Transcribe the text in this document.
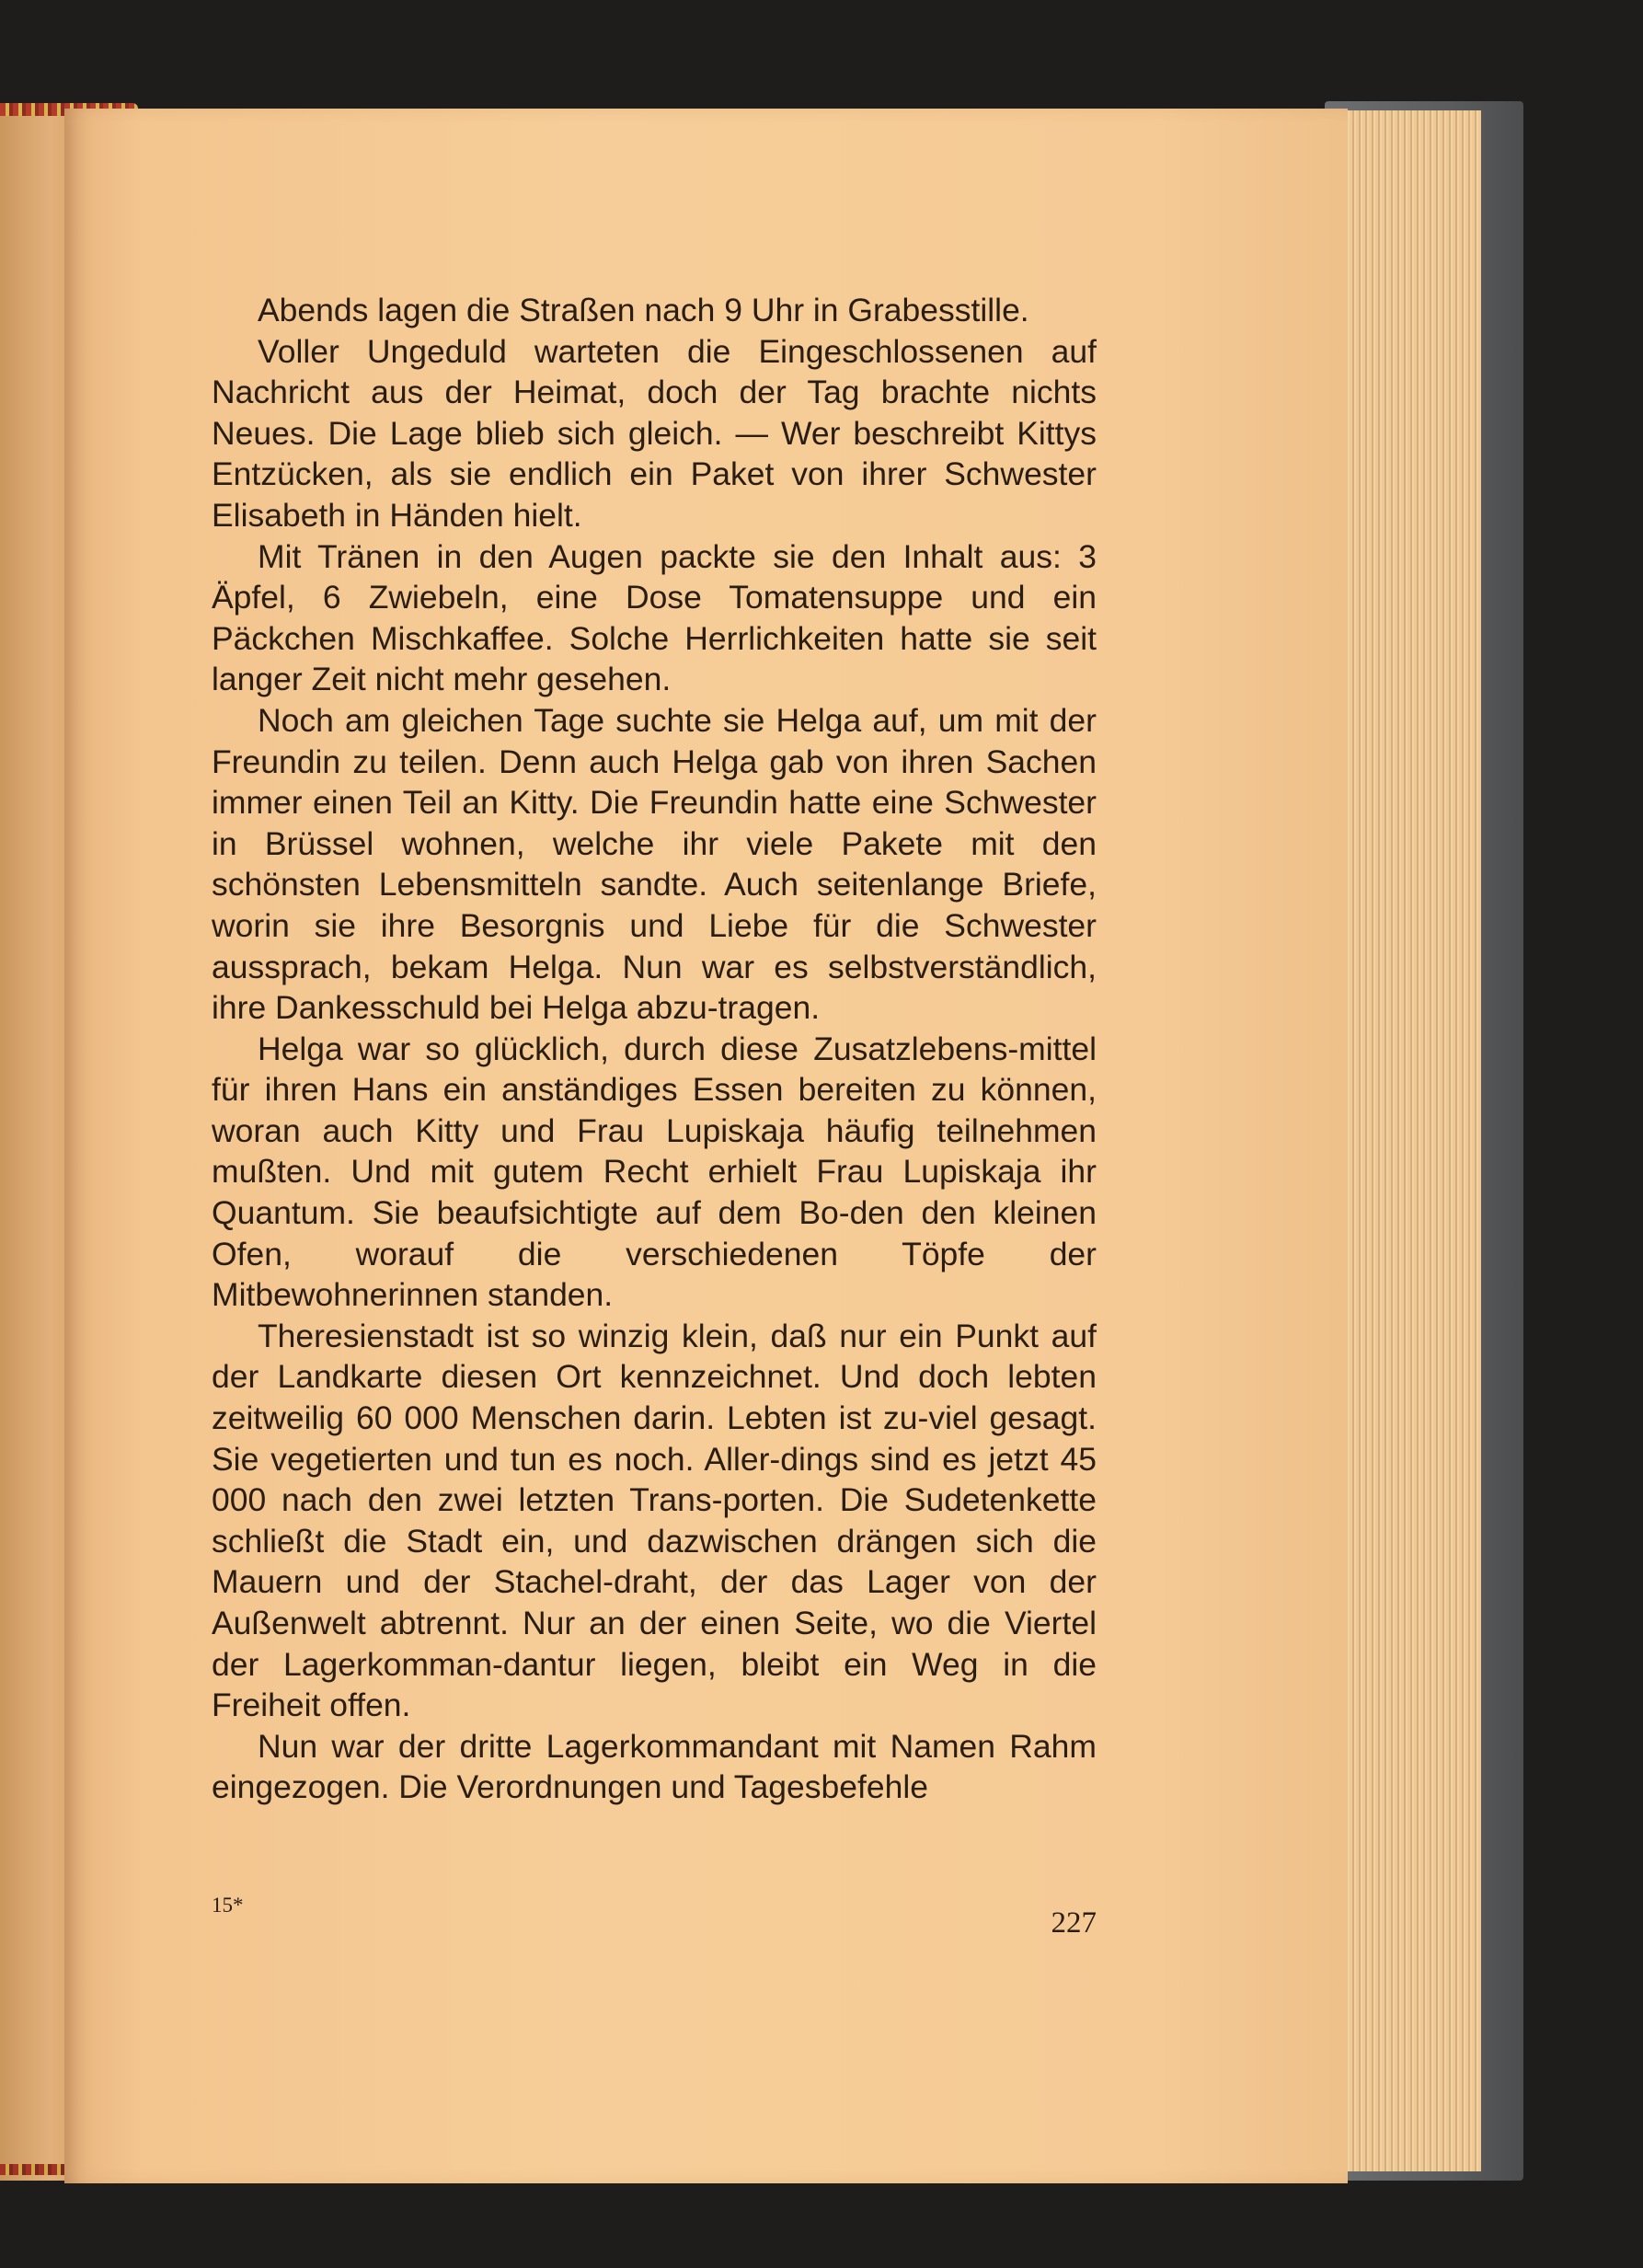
Abends lagen die Straßen nach 9 Uhr in Grabesstille.

Voller Ungeduld warteten die Eingeschlossenen auf Nachricht aus der Heimat, doch der Tag brachte nichts Neues. Die Lage blieb sich gleich. — Wer beschreibt Kittys Entzücken, als sie endlich ein Paket von ihrer Schwester Elisabeth in Händen hielt.

Mit Tränen in den Augen packte sie den Inhalt aus: 3 Äpfel, 6 Zwiebeln, eine Dose Tomatensuppe und ein Päckchen Mischkaffee. Solche Herrlichkeiten hatte sie seit langer Zeit nicht mehr gesehen.

Noch am gleichen Tage suchte sie Helga auf, um mit der Freundin zu teilen. Denn auch Helga gab von ihren Sachen immer einen Teil an Kitty. Die Freundin hatte eine Schwester in Brüssel wohnen, welche ihr viele Pakete mit den schönsten Lebensmitteln sandte. Auch seitenlange Briefe, worin sie ihre Besorgnis und Liebe für die Schwester aussprach, bekam Helga. Nun war es selbstverständlich, ihre Dankesschuld bei Helga abzu-tragen.

Helga war so glücklich, durch diese Zusatzlebens-mittel für ihren Hans ein anständiges Essen bereiten zu können, woran auch Kitty und Frau Lupiskaja häufig teilnehmen mußten. Und mit gutem Recht erhielt Frau Lupiskaja ihr Quantum. Sie beaufsichtigte auf dem Bo-den den kleinen Ofen, worauf die verschiedenen Töpfe der Mitbewohnerinnen standen.

Theresienstadt ist so winzig klein, daß nur ein Punkt auf der Landkarte diesen Ort kennzeichnet. Und doch lebten zeitweilig 60 000 Menschen darin. Lebten ist zu-viel gesagt. Sie vegetierten und tun es noch. Aller-dings sind es jetzt 45 000 nach den zwei letzten Trans-porten. Die Sudetenkette schließt die Stadt ein, und dazwischen drängen sich die Mauern und der Stachel-draht, der das Lager von der Außenwelt abtrennt. Nur an der einen Seite, wo die Viertel der Lagerkomman-dantur liegen, bleibt ein Weg in die Freiheit offen.

Nun war der dritte Lagerkommandant mit Namen Rahm eingezogen. Die Verordnungen und Tagesbefehle

15*
227
